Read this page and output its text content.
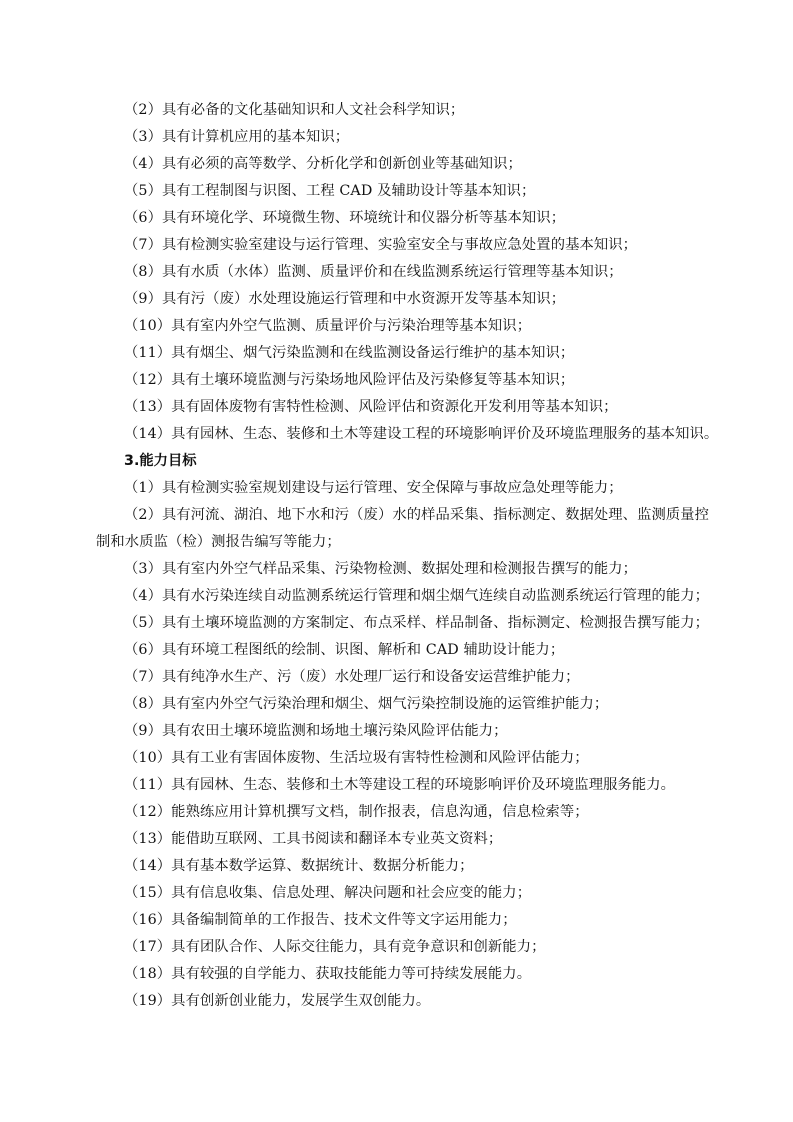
（2）具有必备的文化基础知识和人文社会科学知识；
（3）具有计算机应用的基本知识；
（4）具有必须的高等数学、分析化学和创新创业等基础知识；
（5）具有工程制图与识图、工程 CAD 及辅助设计等基本知识；
（6）具有环境化学、环境微生物、环境统计和仪器分析等基本知识；
（7）具有检测实验室建设与运行管理、实验室安全与事故应急处置的基本知识；
（8）具有水质（水体）监测、质量评价和在线监测系统运行管理等基本知识；
（9）具有污（废）水处理设施运行管理和中水资源开发等基本知识；
（10）具有室内外空气监测、质量评价与污染治理等基本知识；
（11）具有烟尘、烟气污染监测和在线监测设备运行维护的基本知识；
（12）具有土壤环境监测与污染场地风险评估及污染修复等基本知识；
（13）具有固体废物有害特性检测、风险评估和资源化开发利用等基本知识；
（14）具有园林、生态、装修和土木等建设工程的环境影响评价及环境监理服务的基本知识。
3.能力目标
（1）具有检测实验室规划建设与运行管理、安全保障与事故应急处理等能力；
（2）具有河流、湖泊、地下水和污（废）水的样品采集、指标测定、数据处理、监测质量控
制和水质监（检）测报告编写等能力；
（3）具有室内外空气样品采集、污染物检测、数据处理和检测报告撰写的能力；
（4）具有水污染连续自动监测系统运行管理和烟尘烟气连续自动监测系统运行管理的能力；
（5）具有土壤环境监测的方案制定、布点采样、样品制备、指标测定、检测报告撰写能力；
（6）具有环境工程图纸的绘制、识图、解析和 CAD 辅助设计能力；
（7）具有纯净水生产、污（废）水处理厂运行和设备安运营维护能力；
（8）具有室内外空气污染治理和烟尘、烟气污染控制设施的运管维护能力；
（9）具有农田土壤环境监测和场地土壤污染风险评估能力；
（10）具有工业有害固体废物、生活垃圾有害特性检测和风险评估能力；
（11）具有园林、生态、装修和土木等建设工程的环境影响评价及环境监理服务能力。
（12）能熟练应用计算机撰写文档，制作报表，信息沟通，信息检索等；
（13）能借助互联网、工具书阅读和翻译本专业英文资料；
（14）具有基本数学运算、数据统计、数据分析能力；
（15）具有信息收集、信息处理、解决问题和社会应变的能力；
（16）具备编制简单的工作报告、技术文件等文字运用能力；
（17）具有团队合作、人际交往能力，具有竞争意识和创新能力；
（18）具有较强的自学能力、获取技能能力等可持续发展能力。
（19）具有创新创业能力，发展学生双创能力。
